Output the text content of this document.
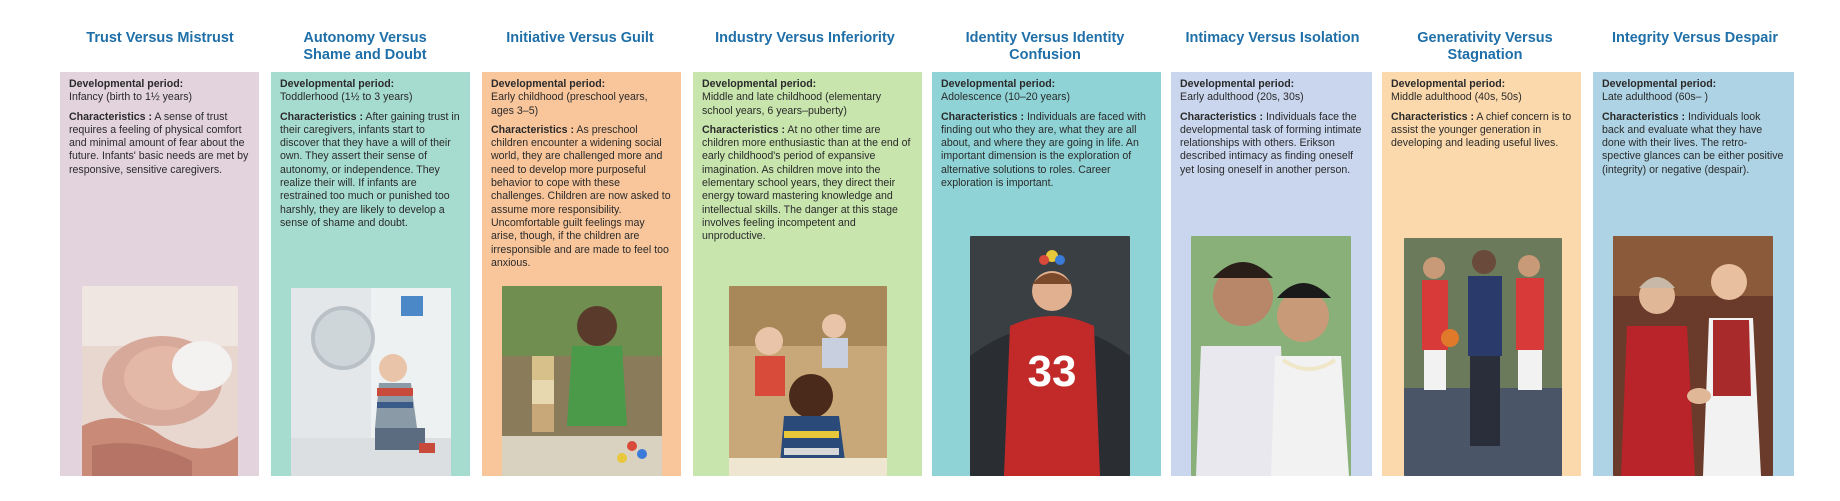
Trust Versus Mistrust	Autonomy Versus Shame and Doubt
Initiative Versus Guilt	Industry Versus Inferiority	Identity Versus Identity Confusion
Intimacy Versus Isolation	Generativity Versus Stagnation
Integrity Versus Despair
Developmental period:
Infancy (birth to 1½ years)
Characteristics : A sense of trust requires a feeling of physical comfort and minimal amount of fear about the future. Infants' basic needs are met by responsive, sensitive caregivers.
Developmental period:
Toddlerhood (1½ to 3 years)
Characteristics : After gaining trust in their caregivers, infants start to discover that they have a will of their own. They assert their sense of autonomy, or independence. They realize their will. If infants are restrained too much or punished too harshly, they are likely to develop a sense of shame and doubt.
Developmental period:
Early childhood (preschool years, ages 3–5)
Characteristics : As preschool children encounter a widening social world, they are challenged more and need to develop more purposeful behavior to cope with these challenges. Children are now asked to assume more responsibility. Uncomfortable guilt feelings may arise, though, if the children are irresponsible and are made to feel too anxious.
Developmental period:
Middle and late childhood (elementary school years, 6 years–puberty)
Characteristics : At no other time are children more enthusiastic than at the end of early childhood's period of expansive imagination. As children move into the elementary school years, they direct their energy toward mastering knowledge and intellectual skills. The danger at this stage involves feeling incompetent and unproductive.
Developmental period:
Adolescence (10–20 years)
Characteristics : Individuals are faced with finding out who they are, what they are all about, and where they are going in life. An important dimension is the exploration of alternative solutions to roles. Career exploration is important.
33
Developmental period:
Early adulthood (20s, 30s)
Characteristics : Individuals face the developmental task of forming intimate relationships with others. Erikson described intimacy as finding oneself yet losing oneself in another person.
Developmental period:
Middle adulthood (40s, 50s)
Characteristics : A chief concern is to assist the younger generation in developing and leading useful lives.
Developmental period:
Late adulthood (60s– )
Characteristics : Individuals look back and evaluate what they have done with their lives. The retro-spective glances can be either positive (integrity) or negative (despair).
